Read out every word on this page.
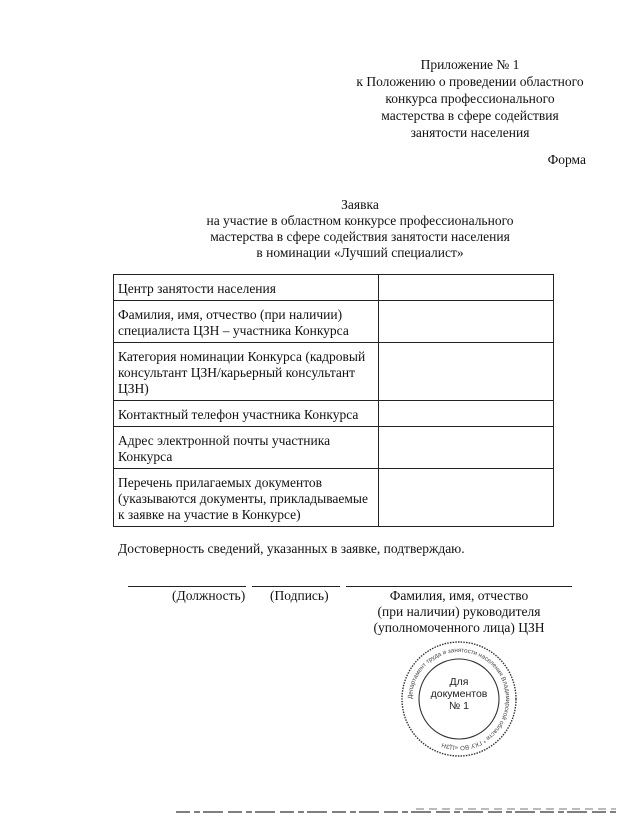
Приложение № 1
к Положению о проведении областного
конкурса профессионального
мастерства в сфере содействия
занятости населения
Форма
Заявка
на участие в областном конкурсе профессионального
мастерства в сфере содействия занятости населения
в номинации «Лучший специалист»
Центр занятости населения	
Фамилия, имя, отчество (при наличии) специалиста ЦЗН – участника Конкурса	
Категория номинации Конкурса (кадровый консультант ЦЗН/карьерный консультант ЦЗН)	
Контактный телефон участника Конкурса	
Адрес электронной почты участника Конкурса	
Перечень прилагаемых документов (указываются документы, прикладываемые к заявке на участие в Конкурсе)	
Достоверность сведений, указанных в заявке, подтверждаю.
(Должность) (Подпись)	Фамилия, имя, отчество
(при наличии) руководителя
(уполномоченного лица) ЦЗН
Департамент труда и занятости населения Владимирской области * ГКУ ВО «ЦЗН
Для
документов
№ 1
